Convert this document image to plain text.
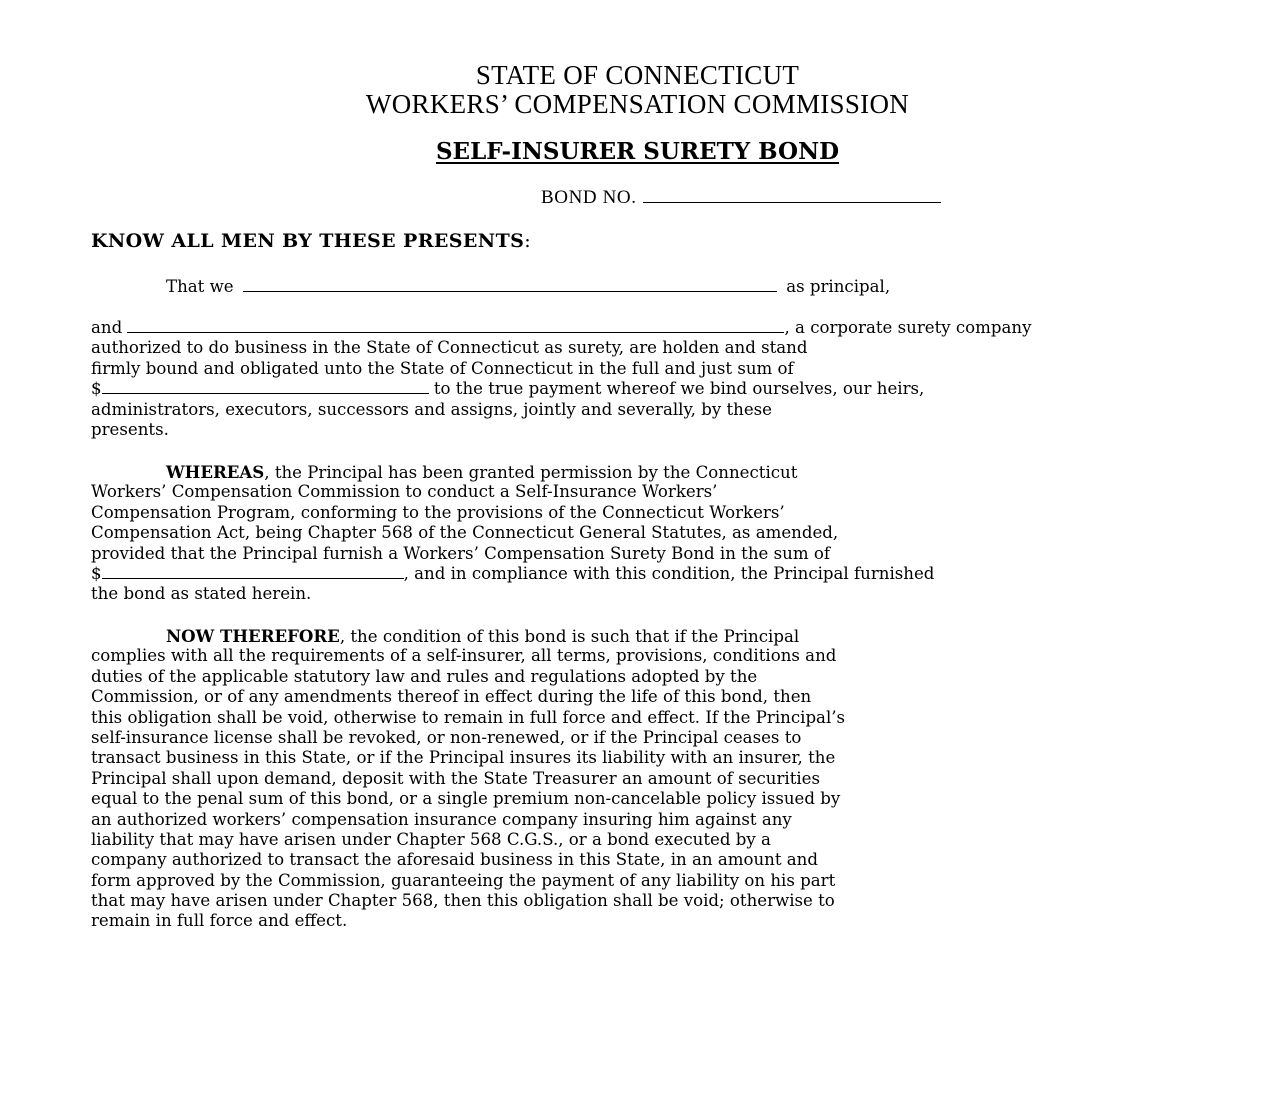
STATE OF CONNECTICUT
WORKERS’ COMPENSATION COMMISSION
SELF-INSURER SURETY BOND
BOND NO.
KNOW ALL MEN BY THESE PRESENTS:
That we	as principal,
and	, a corporate surety company
authorized to do business in the State of Connecticut as surety, are holden and stand
firmly bound and obligated unto the State of Connecticut in the full and just sum of
$	to the true payment whereof we bind ourselves, our heirs,
administrators, executors, successors and assigns, jointly and severally, by these
presents.
WHEREAS, the Principal has been granted permission by the Connecticut
Workers’ Compensation Commission to conduct a Self-Insurance Workers’
Compensation Program, conforming to the provisions of the Connecticut Workers’
Compensation Act, being Chapter 568 of the Connecticut General Statutes, as amended,
provided that the Principal furnish a Workers’ Compensation Surety Bond in the sum of
$	, and in compliance with this condition, the Principal furnished
the bond as stated herein.
NOW THEREFORE, the condition of this bond is such that if the Principal
complies with all the requirements of a self-insurer, all terms, provisions, conditions and
duties of the applicable statutory law and rules and regulations adopted by the
Commission, or of any amendments thereof in effect during the life of this bond, then
this obligation shall be void, otherwise to remain in full force and effect. If the Principal’s
self-insurance license shall be revoked, or non-renewed, or if the Principal ceases to
transact business in this State, or if the Principal insures its liability with an insurer, the
Principal shall upon demand, deposit with the State Treasurer an amount of securities
equal to the penal sum of this bond, or a single premium non-cancelable policy issued by
an authorized workers’ compensation insurance company insuring him against any
liability that may have arisen under Chapter 568 C.G.S., or a bond executed by a
company authorized to transact the aforesaid business in this State, in an amount and
form approved by the Commission, guaranteeing the payment of any liability on his part
that may have arisen under Chapter 568, then this obligation shall be void; otherwise to
remain in full force and effect.
